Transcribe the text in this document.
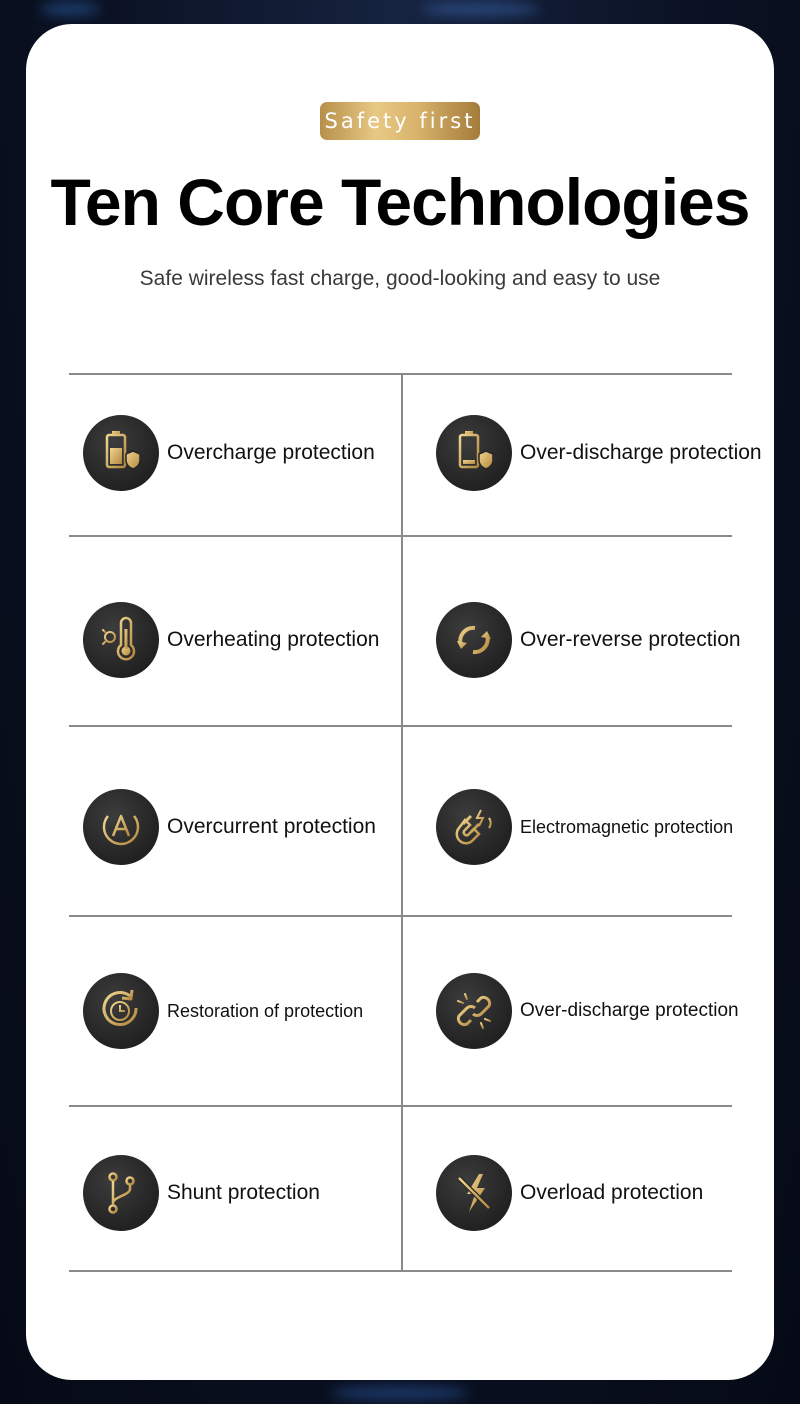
Safety first
Ten Core Technologies

Safe wireless fast charge, good-looking and easy to use

Overcharge protection	Over-discharge protection
Overheating protection	Over-reverse protection
Overcurrent protection	Electromagnetic protection
Restoration of protection	Over-discharge protection
Shunt protection	Overload protection
